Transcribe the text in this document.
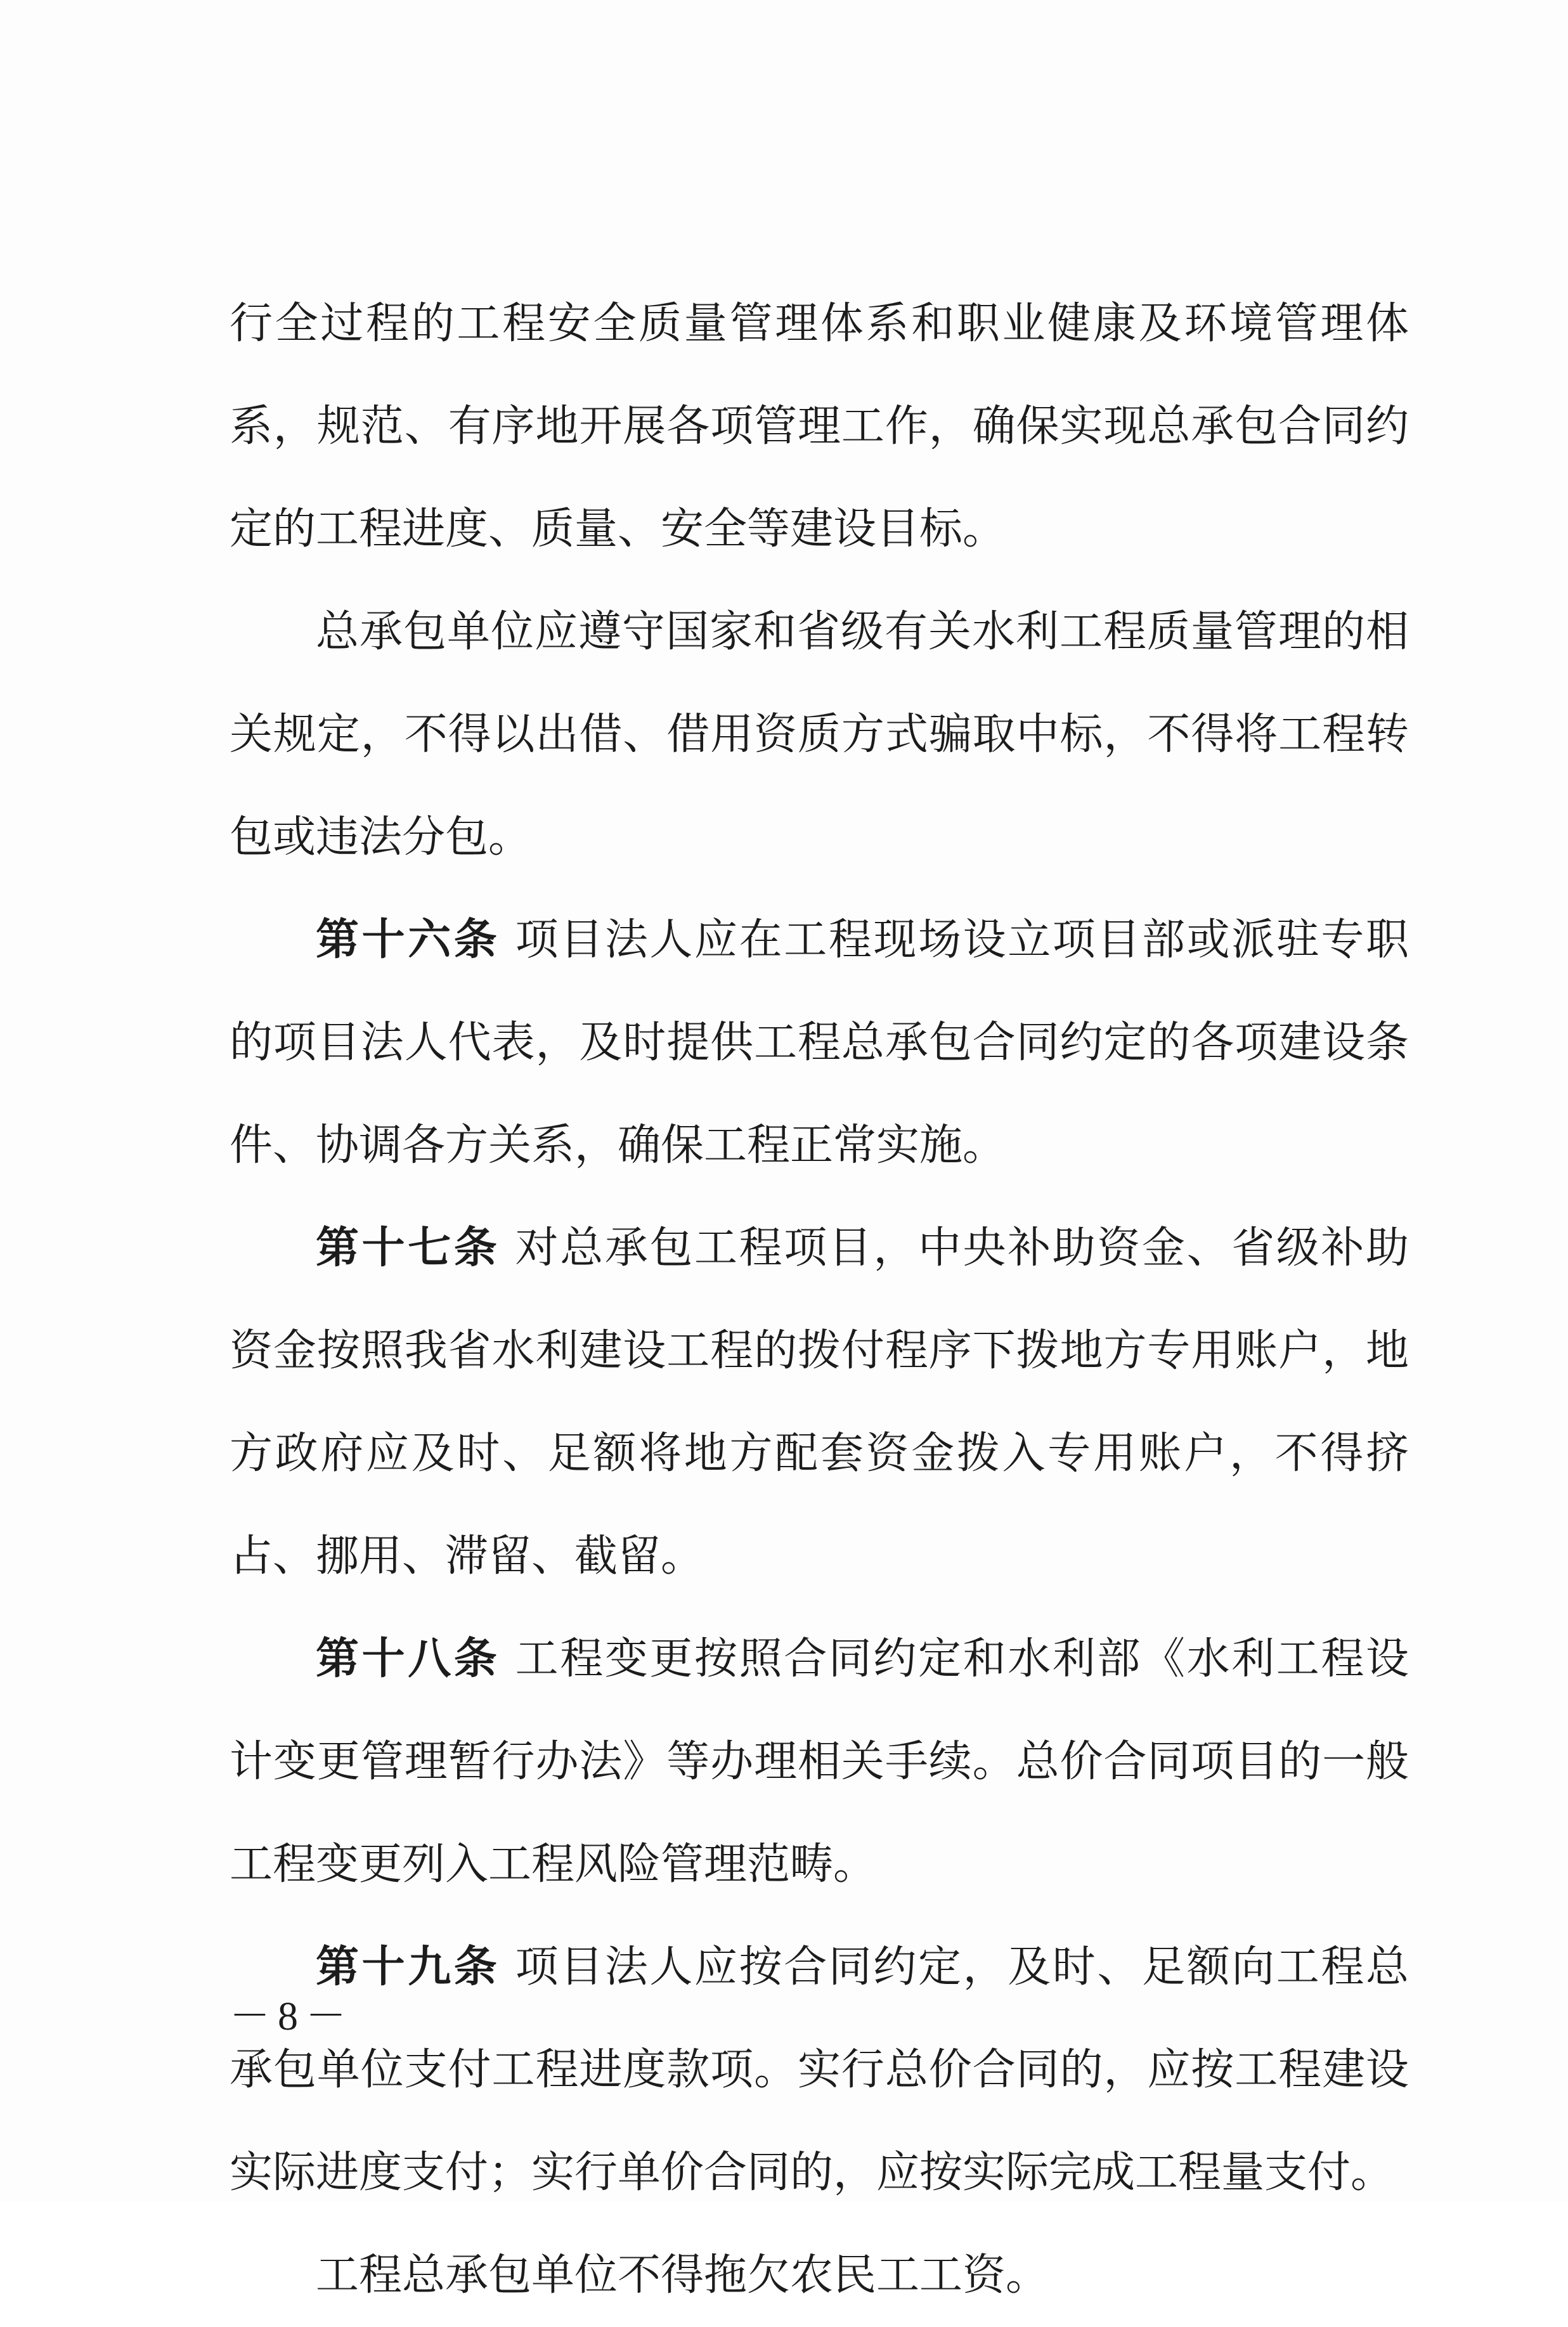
行全过程的工程安全质量管理体系和职业健康及环境管理体系，规范、有序地开展各项管理工作，确保实现总承包合同约定的工程进度、质量、安全等建设目标。

总承包单位应遵守国家和省级有关水利工程质量管理的相关规定，不得以出借、借用资质方式骗取中标，不得将工程转包或违法分包。

第十六条 项目法人应在工程现场设立项目部或派驻专职的项目法人代表，及时提供工程总承包合同约定的各项建设条件、协调各方关系，确保工程正常实施。

第十七条 对总承包工程项目，中央补助资金、省级补助资金按照我省水利建设工程的拨付程序下拨地方专用账户，地方政府应及时、足额将地方配套资金拨入专用账户，不得挤占、挪用、滞留、截留。

第十八条 工程变更按照合同约定和水利部《水利工程设计变更管理暂行办法》等办理相关手续。总价合同项目的一般工程变更列入工程风险管理范畴。

第十九条 项目法人应按合同约定，及时、足额向工程总承包单位支付工程进度款项。实行总价合同的，应按工程建设实际进度支付；实行单价合同的，应按实际完成工程量支付。

工程总承包单位不得拖欠农民工工资。

－8－
